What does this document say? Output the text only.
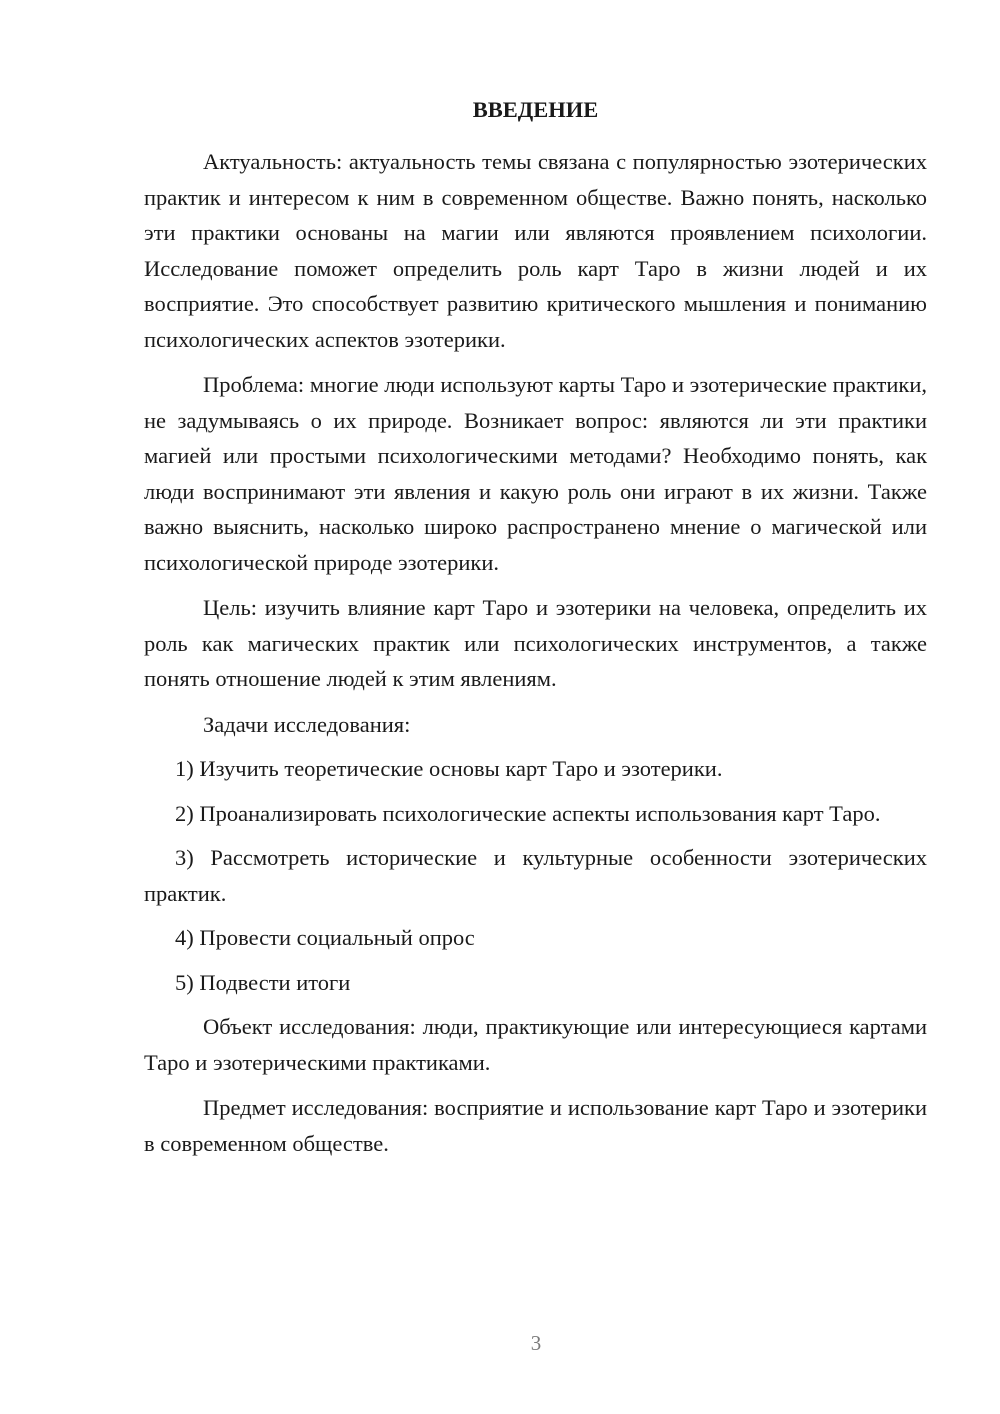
ВВЕДЕНИЕ

Актуальность: актуальность темы связана с популярностью эзотерических практик и интересом к ним в современном обществе. Важно понять, насколько эти практики основаны на магии или являются проявлением психологии. Исследование поможет определить роль карт Таро в жизни людей и их восприятие. Это способствует развитию критического мышления и пониманию психологических аспектов эзотерики.

Проблема: многие люди используют карты Таро и эзотерические практики, не задумываясь о их природе. Возникает вопрос: являются ли эти практики магией или простыми психологическими методами? Необходимо понять, как люди воспринимают эти явления и какую роль они играют в их жизни. Также важно выяснить, насколько широко распространено мнение о магической или психологической природе эзотерики.

Цель: изучить влияние карт Таро и эзотерики на человека, определить их роль как магических практик или психологических инструментов, а также понять отношение людей к этим явлениям.

Задачи исследования:

1) Изучить теоретические основы карт Таро и эзотерики.

2) Проанализировать психологические аспекты использования карт Таро.

3) Рассмотреть исторические и культурные особенности эзотерических практик.

4) Провести социальный опрос

5) Подвести итоги

Объект исследования: люди, практикующие или интересующиеся картами Таро и эзотерическими практиками.

Предмет исследования: восприятие и использование карт Таро и эзотерики в современном обществе.

3
